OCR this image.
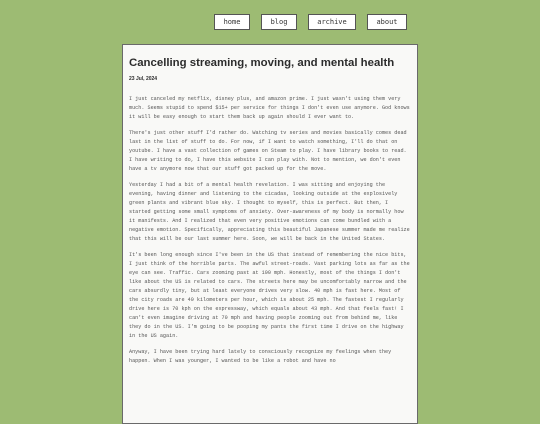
home	blog	archive	about
Cancelling streaming, moving, and mental health
23 Jul, 2024

I just canceled my netflix, disney plus, and amazon prime. I just wasn't using them very much. Seems stupid to spend $15+ per service for things I don't even use anymore. God knows it will be easy enough to start them back up again should I ever want to.

There's just other stuff I'd rather do. Watching tv series and movies basically comes dead last in the list of stuff to do. For now, if I want to watch something, I'll do that on youtube. I have a vast collection of games on Steam to play. I have library books to read. I have writing to do, I have this website I can play with. Not to mention, we don't even have a tv anymore now that our stuff got packed up for the move.

Yesterday I had a bit of a mental health revelation. I was sitting and enjoying the evening, having dinner and listening to the cicadas, looking outside at the explosively green plants and vibrant blue sky. I thought to myself, this is perfect. But then, I started getting some small symptoms of anxiety. Over-awareness of my body is normally how it manifests. And I realized that even very positive emotions can come bundled with a negative emotion. Specifically, appreciating this beautiful Japanese summer made me realize that this will be our last summer here. Soon, we will be back in the United States.

It's been long enough since I've been in the US that instead of remembering the nice bits, I just think of the horrible parts. The awful street-roads. Vast parking lots as far as the eye can see. Traffic. Cars zooming past at 100 mph. Honestly, most of the things I don't like about the US is related to cars. The streets here may be uncomfortably narrow and the cars absurdly tiny, but at least everyone drives very slow. 40 mph is fast here. Most of the city roads are 40 kilometers per hour, which is about 25 mph. The fastest I regularly drive here is 70 kph on the expressway, which equals about 43 mph. And that feels fast! I can't even imagine driving at 70 mph and having people zooming out from behind me, like they do in the US. I'm going to be pooping my pants the first time I drive on the highway in the US again.

Anyway, I have been trying hard lately to consciously recognize my feelings when they happen. When I was younger, I wanted to be like a robot and have no
